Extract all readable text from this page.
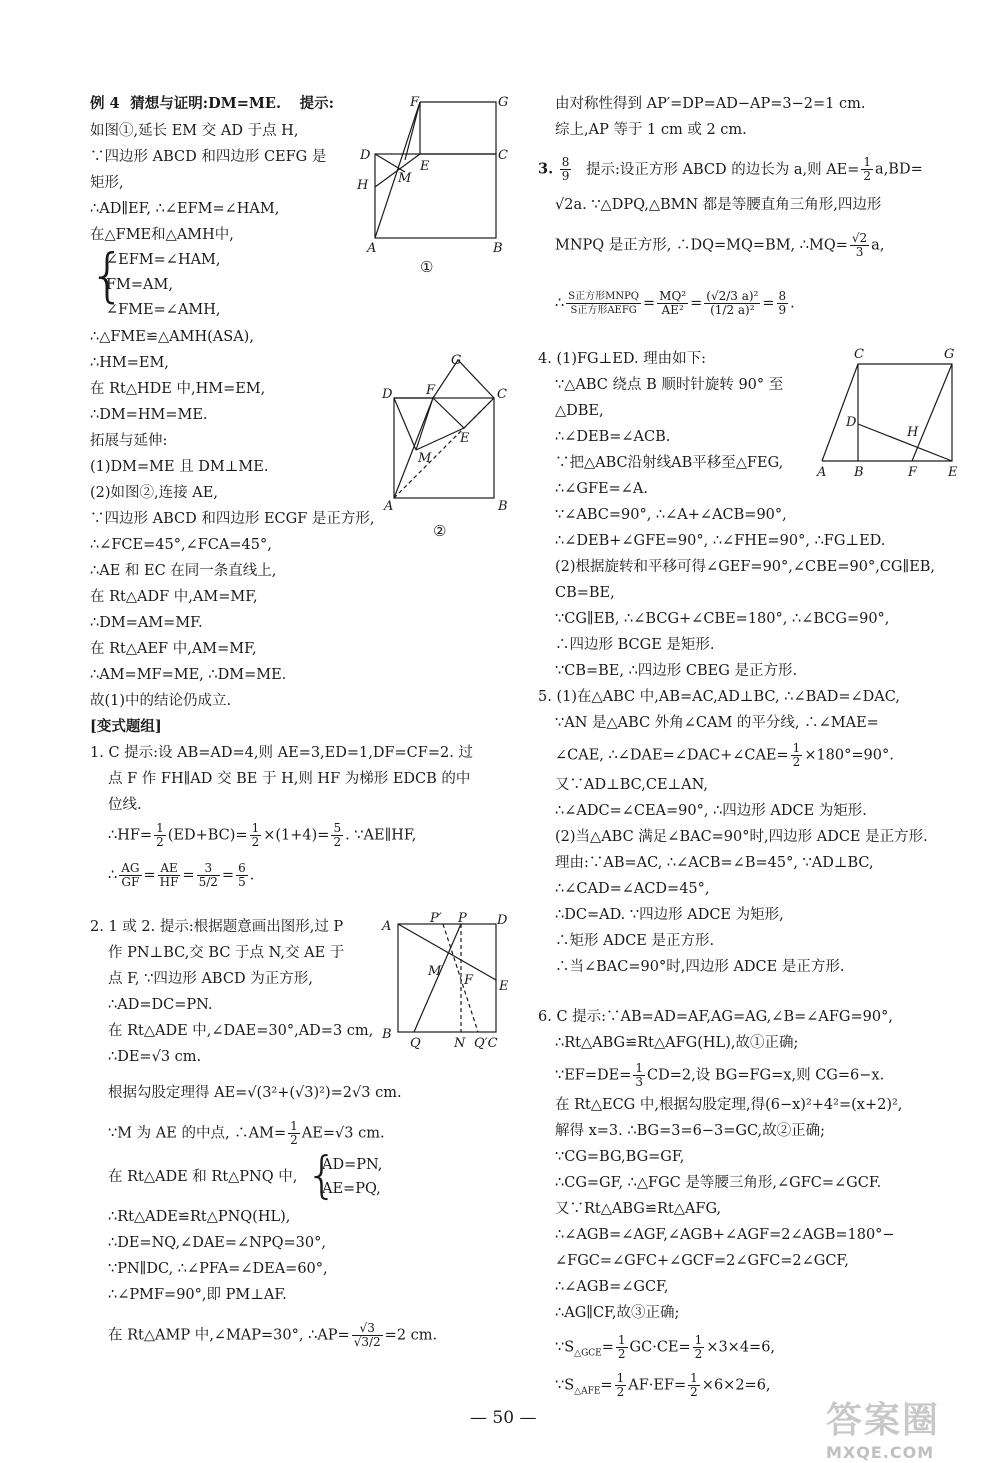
例 4 猜想与证明:DM=ME. 提示:
如图①,延长 EM 交 AD 于点 H,
∵四边形 ABCD 和四边形 CEFG 是
矩形,
∴AD∥EF, ∴∠EFM=∠HAM,
在△FME和△AMH中,
{
∠EFM=∠HAM,
FM=AM,
∠FME=∠AMH,
∴△FME≌△AMH(ASA),
∴HM=EM,
在 Rt△HDE 中,HM=EM,
∴DM=HM=ME.
拓展与延伸:
(1)DM=ME 且 DM⊥ME.
(2)如图②,连接 AE,
∵四边形 ABCD 和四边形 ECGF 是正方形,
∴∠FCE=45°,∠FCA=45°,
∴AE 和 EC 在同一条直线上,
在 Rt△ADF 中,AM=MF,
∴DM=AM=MF.
在 Rt△AEF 中,AM=MF,
∴AM=MF=ME, ∴DM=ME.
故(1)中的结论仍成立.
[变式题组]
1. C 提示:设 AB=AD=4,则 AE=3,ED=1,DF=CF=2. 过
点 F 作 FH∥AD 交 BE 于 H,则 HF 为梯形 EDCB 的中
位线.
∴HF= $\frac{1}{2} (ED+BC)= \frac{1}{2} \times(1+4)= \frac{5}{2}$ . ∵AE∥HF,
∴ $\frac{AG}{GF} = \frac{AE}{HF} = \frac{3}{5/2} = \frac{6}{5}$ .
2. 1 或 2. 提示:根据题意画出图形,过 P
作 PN⊥BC,交 BC 于点 N,交 AE 于
点 F, ∵四边形 ABCD 为正方形,
∴AD=DC=PN.
在 Rt△ADE 中,∠DAE=30°,AD=3 cm,
∴DE=√3 cm.
根据勾股定理得 AE=√(3²+(√3)²)=2√3 cm.
∵M 为 AE 的中点, ∴AM= $\frac{1}{2} AE=√3$ cm.
在 Rt△ADE 和 Rt△PNQ 中, {
AD=PN,
AE=PQ,
∴Rt△ADE≌Rt△PNQ(HL),
∴DE=NQ,∠DAE=∠NPQ=30°,
∵PN∥DC, ∴∠PFA=∠DEA=60°,
∴∠PMF=90°,即 PM⊥AF.
在 Rt△AMP 中,∠MAP=30°, ∴AP= $\frac{√3}{√3/2} =2$ cm.
F	G
D	C
E
M
H
A	B
①
G
F
D	C
E
M
A	B
②
A
P′ P D
M
F E
B
Q	N Q′C
由对称性得到 AP′=DP=AD−AP=3−2=1 cm.
综上,AP 等于 1 cm 或 2 cm.
3. $\frac{8}{9}$ 提示:设正方形 ABCD 的边长为 a,则 $AE= \frac{1}{2} a,BD=$
√2a. ∵△DPQ,△BMN 都是等腰直角三角形,四边形
MNPQ 是正方形, ∴DQ=MQ=BM, ∴MQ= $\frac{√2}{3} a$,
∴ $\frac{\text{S正方形MNPQ}}{\text{S正方形AEFG}} = \frac{\text{MQ²}}{\text{AE²}} = \frac{\text{(√2/3 a)²}}{\text{(1/2 a)²}} = \frac{8}{9}$ .
4. (1)FG⊥ED. 理由如下:
∵△ABC 绕点 B 顺时针旋转 90° 至
△DBE,
∴∠DEB=∠ACB.
∵把△ABC沿射线AB平移至△FEG,
∴∠GFE=∠A.
∵∠ABC=90°, ∴∠A+∠ACB=90°,
∴∠DEB+∠GFE=90°, ∴∠FHE=90°, ∴FG⊥ED.
(2)根据旋转和平移可得∠GEF=90°,∠CBE=90°,CG∥EB,
CB=BE,
∵CG∥EB, ∴∠BCG+∠CBE=180°, ∴∠BCG=90°,
∴四边形 BCGE 是矩形.
∵CB=BE, ∴四边形 CBEG 是正方形.
5. (1)在△ABC 中,AB=AC,AD⊥BC, ∴∠BAD=∠DAC,
∵AN 是△ABC 外角∠CAM 的平分线, ∴∠MAE=
∠CAE, ∴∠DAE=∠DAC+∠CAE= $\frac{1}{2} \times 180^\circ=90^\circ$.
又∵AD⊥BC,CE⊥AN,
∴∠ADC=∠CEA=90°, ∴四边形 ADCE 为矩形.
(2)当△ABC 满足∠BAC=90°时,四边形 ADCE 是正方形.
理由:∵AB=AC, ∴∠ACB=∠B=45°, ∵AD⊥BC,
∴∠CAD=∠ACD=45°,
∴DC=AD. ∵四边形 ADCE 为矩形,
∴矩形 ADCE 是正方形.
∴当∠BAC=90°时,四边形 ADCE 是正方形.
6. C 提示:∵AB=AD=AF,AG=AG,∠B=∠AFG=90°,
∴Rt△ABG≌Rt△AFG(HL),故①正确;
∵EF=DE= $\frac{1}{3} CD=2$,设 BG=FG=x,则 CG=6−x.
在 Rt△ECG 中,根据勾股定理,得(6−x)²+4²=(x+2)²,
解得 x=3. ∴BG=3=6−3=GC,故②正确;
∵CG=BG,BG=GF,
∴CG=GF, ∴△FGC 是等腰三角形,∠GFC=∠GCF.
又∵Rt△ABG≌Rt△AFG,
∴∠AGB=∠AGF,∠AGB+∠AGF=2∠AGB=180°−
∠FGC=∠GFC+∠GCF=2∠GFC=2∠GCF,
∴∠AGB=∠GCF,
∴AG∥CF,故③正确;
$\because S_{\triangle GCE}= \frac{1}{2} GC\cdot CE= \frac{1}{2} \times 3\times 4=6$,
$\because S_{\triangle AFE}= \frac{1}{2} AF\cdot EF= \frac{1}{2} \times 6\times 2=6$,
C	G
D
H
A B	F E
— 50 —	答案圈
MXQE.COM
